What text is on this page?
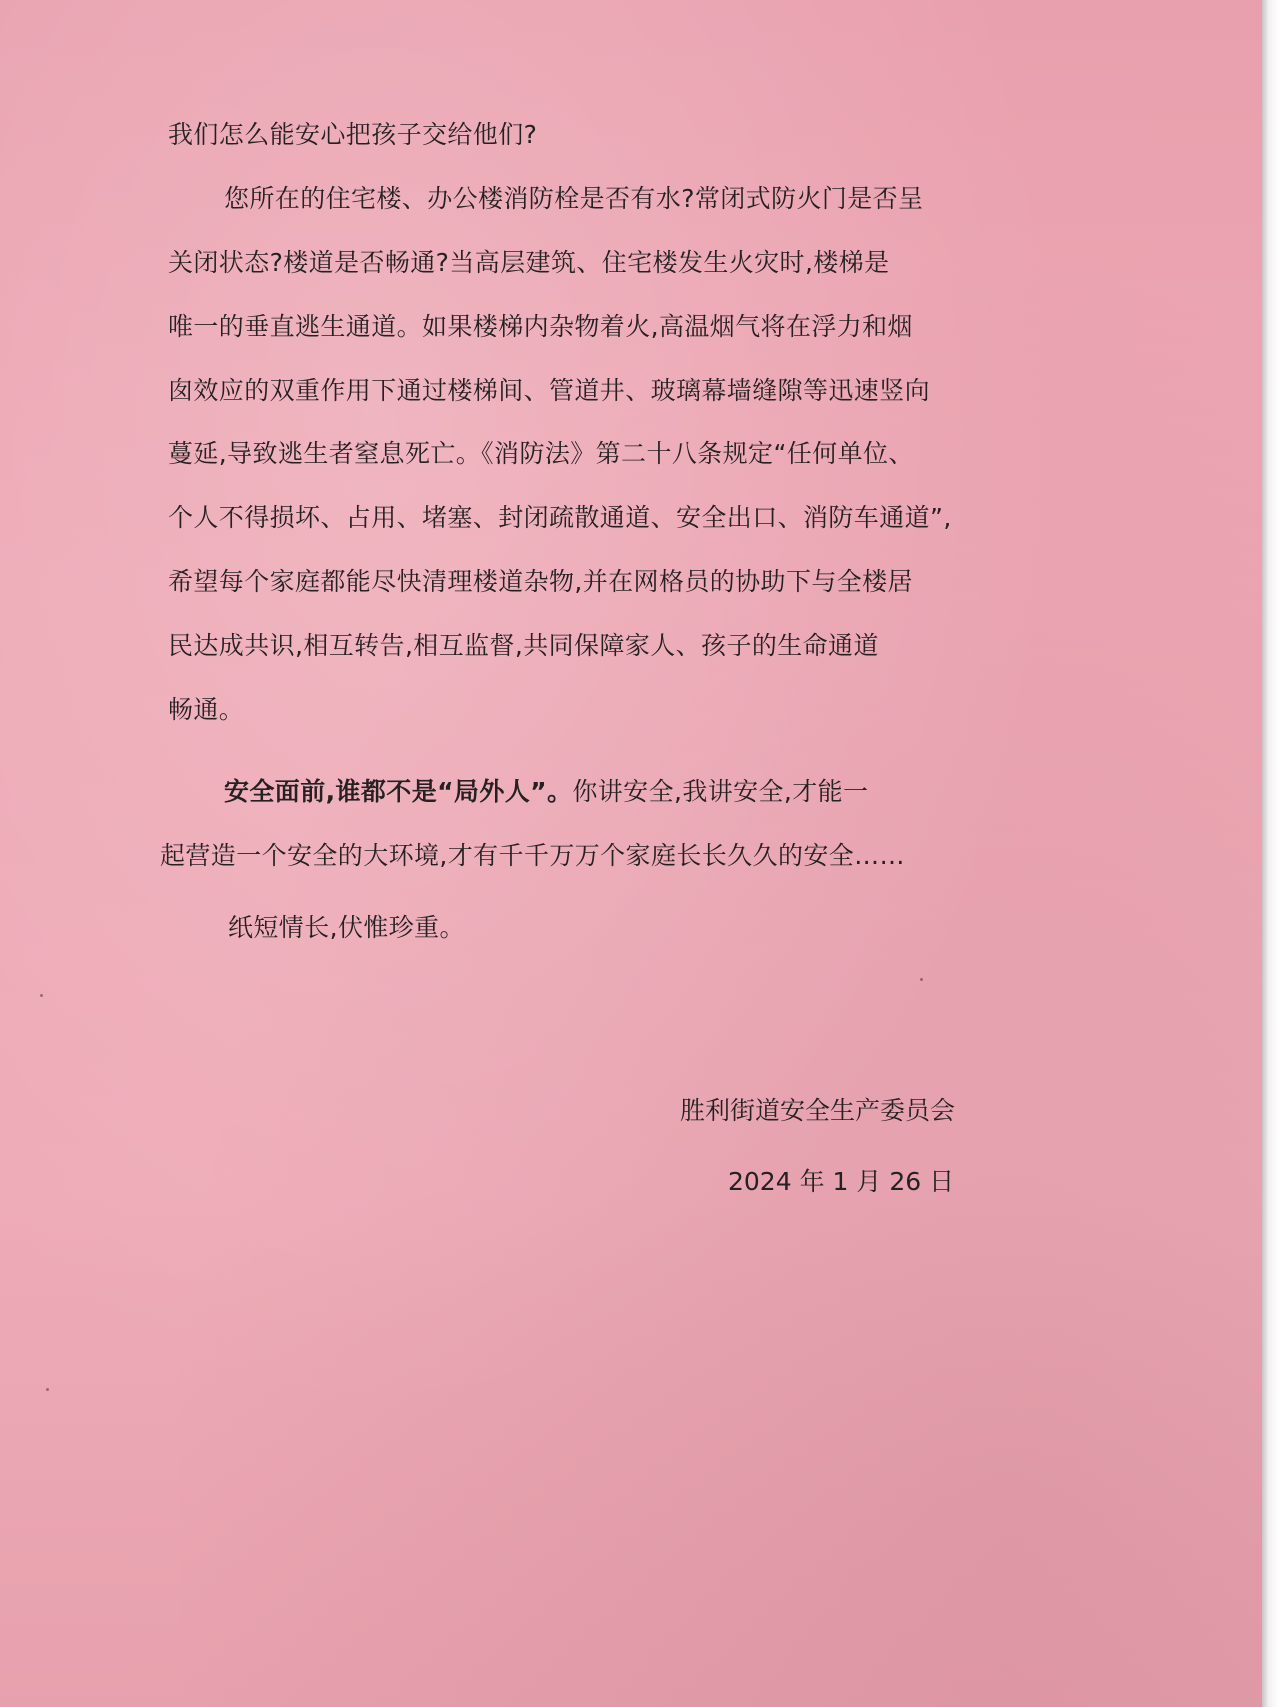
我们怎么能安心把孩子交给他们?
您所在的住宅楼、办公楼消防栓是否有水?常闭式防火门是否呈
关闭状态?楼道是否畅通?当高层建筑、住宅楼发生火灾时,楼梯是
唯一的垂直逃生通道。如果楼梯内杂物着火,高温烟气将在浮力和烟
囱效应的双重作用下通过楼梯间、管道井、玻璃幕墙缝隙等迅速竖向
蔓延,导致逃生者窒息死亡。《消防法》第二十八条规定“任何单位、
个人不得损坏、占用、堵塞、封闭疏散通道、安全出口、消防车通道”,
希望每个家庭都能尽快清理楼道杂物,并在网格员的协助下与全楼居
民达成共识,相互转告,相互监督,共同保障家人、孩子的生命通道
畅通。
安全面前,谁都不是“局外人”。你讲安全,我讲安全,才能一
起营造一个安全的大环境,才有千千万万个家庭长长久久的安全……
纸短情长,伏惟珍重。
胜利街道安全生产委员会
2024 年 1 月 26 日
